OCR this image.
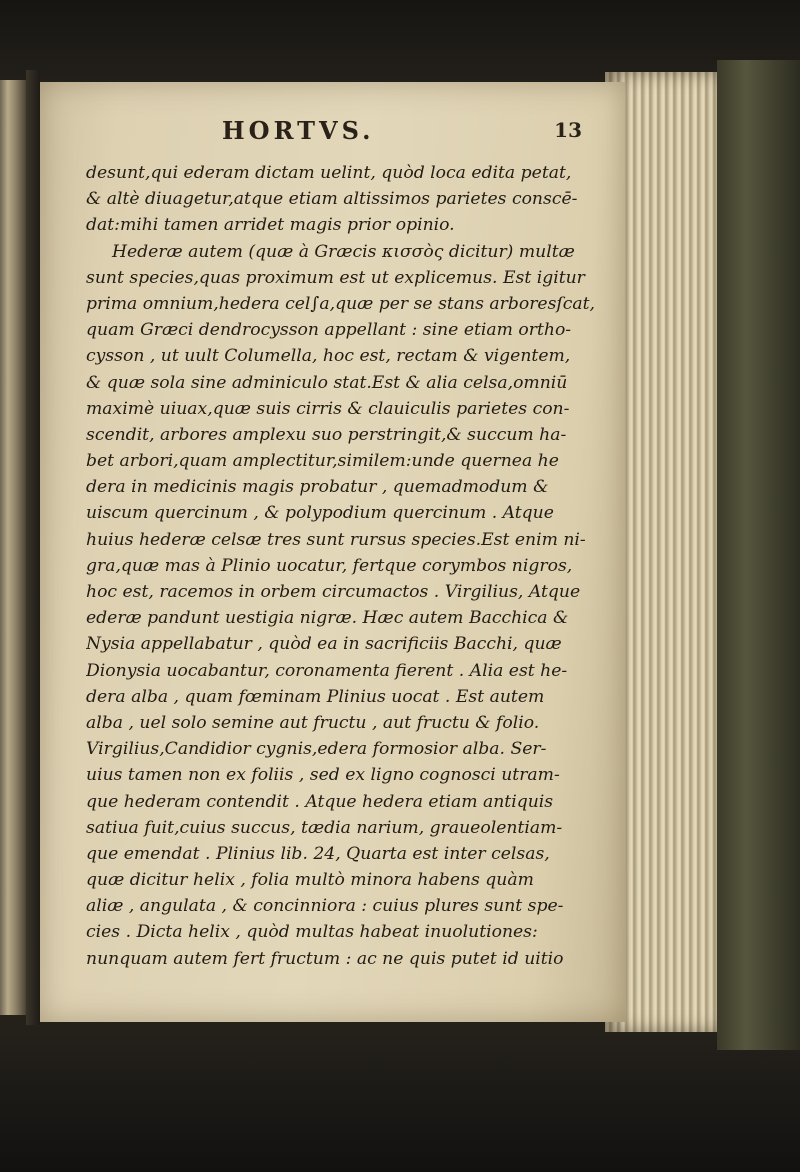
HORTVS.	13
desunt,qui ederam dictam uelint, quòd loca edita petat,
& altè diuagetur,atque etiam altissimos parietes conscē-
dat:mihi tamen arridet magis prior opinio.
Hederæ autem (quæ à Græcis κισσὸς dicitur) multæ
sunt species,quas proximum est ut explicemus. Est igitur
prima omnium,hedera cel∫a,quæ per se stans arboresſcat,
quam Græci dendrocysson appellant : sine etiam ortho-
cysson , ut uult Columella, hoc est, rectam & vigentem,
& quæ sola sine adminiculo stat.Est & alia celsa,omniū
maximè uiuax,quæ suis cirris & clauiculis parietes con-
scendit, arbores amplexu suo perstringit,& succum ha-
bet arbori,quam amplectitur,similem:unde quernea he
dera in medicinis magis probatur , quemadmodum &
uiscum quercinum , & polypodium quercinum . Atque
huius hederæ celsæ tres sunt rursus species.Est enim ni-
gra,quæ mas à Plinio uocatur, fertque corymbos nigros,
hoc est, racemos in orbem circumactos . Virgilius, Atque
ederæ pandunt uestigia nigræ. Hæc autem Bacchica &
Nysia appellabatur , quòd ea in sacrificiis Bacchi, quæ
Dionysia uocabantur, coronamenta fierent . Alia est he-
dera alba , quam fœminam Plinius uocat . Est autem
alba , uel solo semine aut fructu , aut fructu & folio.
Virgilius,Candidior cygnis,edera formosior alba. Ser-
uius tamen non ex foliis , sed ex ligno cognosci utram-
que hederam contendit . Atque hedera etiam antiquis
satiua fuit,cuius succus, tædia narium, graueolentiam-
que emendat . Plinius lib. 24, Quarta est inter celsas,
quæ dicitur helix , folia multò minora habens quàm
aliæ , angulata , & concinniora : cuius plures sunt spe-
cies . Dicta helix , quòd multas habeat inuolutiones:
nunquam autem fert fructum : ac ne quis putet id uitio
